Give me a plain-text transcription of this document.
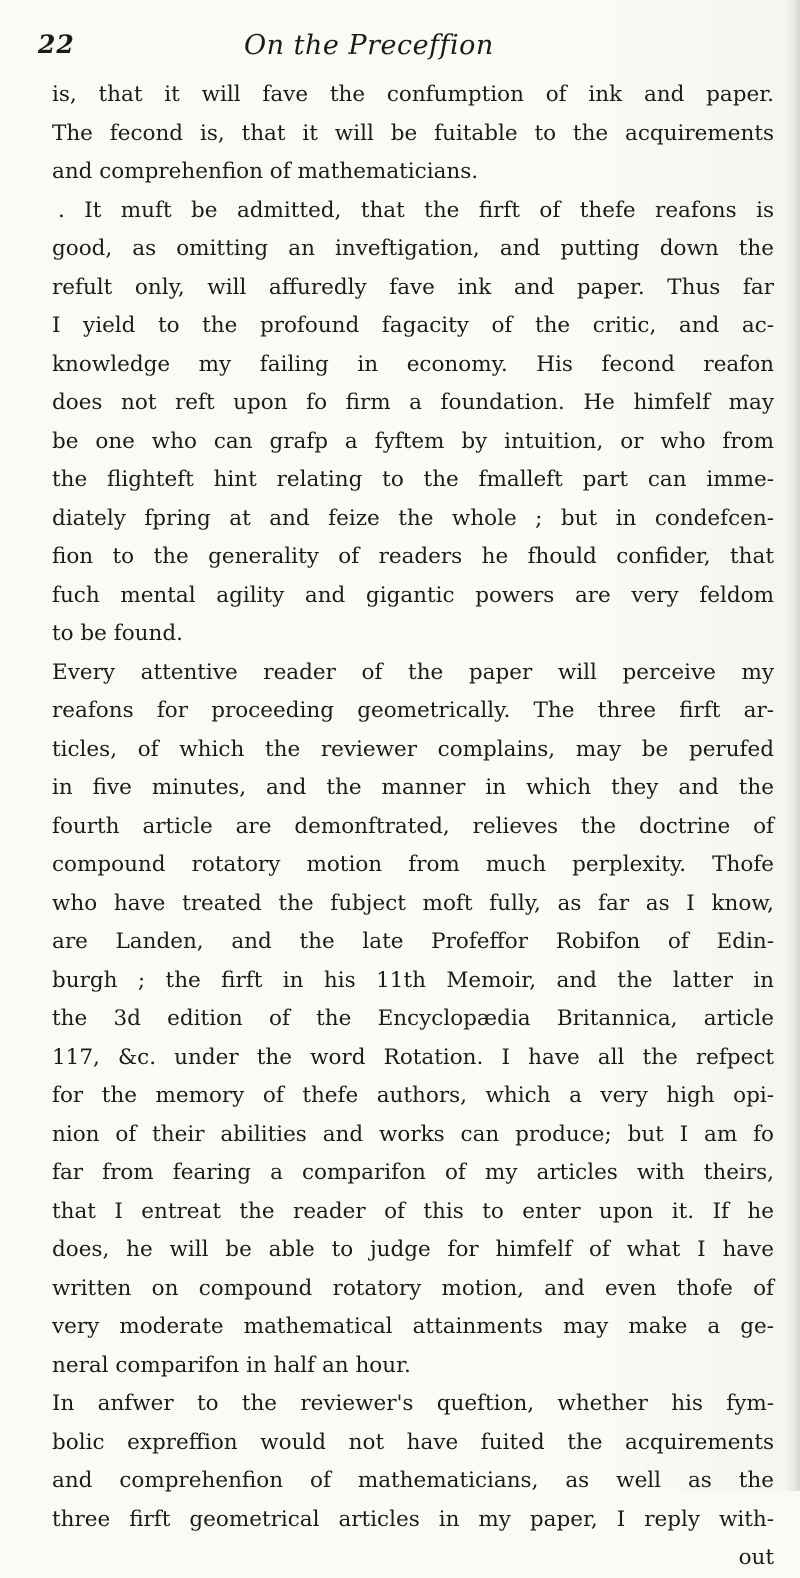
22	On the Preceffion
is, that it will fave the confumption of ink and paper.
The fecond is, that it will be fuitable to the acquirements
and comprehenfion of mathematicians.
. It muft be admitted, that the firft of thefe reafons is
good, as omitting an inveftigation, and putting down the
refult only, will affuredly fave ink and paper. Thus far
I yield to the profound fagacity of the critic, and ac-
knowledge my failing in economy. His fecond reafon
does not reft upon fo firm a foundation. He himfelf may
be one who can grafp a fyftem by intuition, or who from
the flighteft hint relating to the fmalleft part can imme-
diately fpring at and feize the whole ; but in condefcen-
fion to the generality of readers he fhould confider, that
fuch mental agility and gigantic powers are very feldom
to be found.
Every attentive reader of the paper will perceive my
reafons for proceeding geometrically. The three firft ar-
ticles, of which the reviewer complains, may be perufed
in five minutes, and the manner in which they and the
fourth article are demonftrated, relieves the doctrine of
compound rotatory motion from much perplexity. Thofe
who have treated the fubject moft fully, as far as I know,
are Landen, and the late Profeffor Robifon of Edin-
burgh ; the firft in his 11th Memoir, and the latter in
the 3d edition of the Encyclopædia Britannica, article
117, &c. under the word Rotation. I have all the refpect
for the memory of thefe authors, which a very high opi-
nion of their abilities and works can produce; but I am fo
far from fearing a comparifon of my articles with theirs,
that I entreat the reader of this to enter upon it. If he
does, he will be able to judge for himfelf of what I have
written on compound rotatory motion, and even thofe of
very moderate mathematical attainments may make a ge-
neral comparifon in half an hour.
In anfwer to the reviewer's queftion, whether his fym-
bolic expreffion would not have fuited the acquirements
and comprehenfion of mathematicians, as well as the
three firft geometrical articles in my paper, I reply with-
out
